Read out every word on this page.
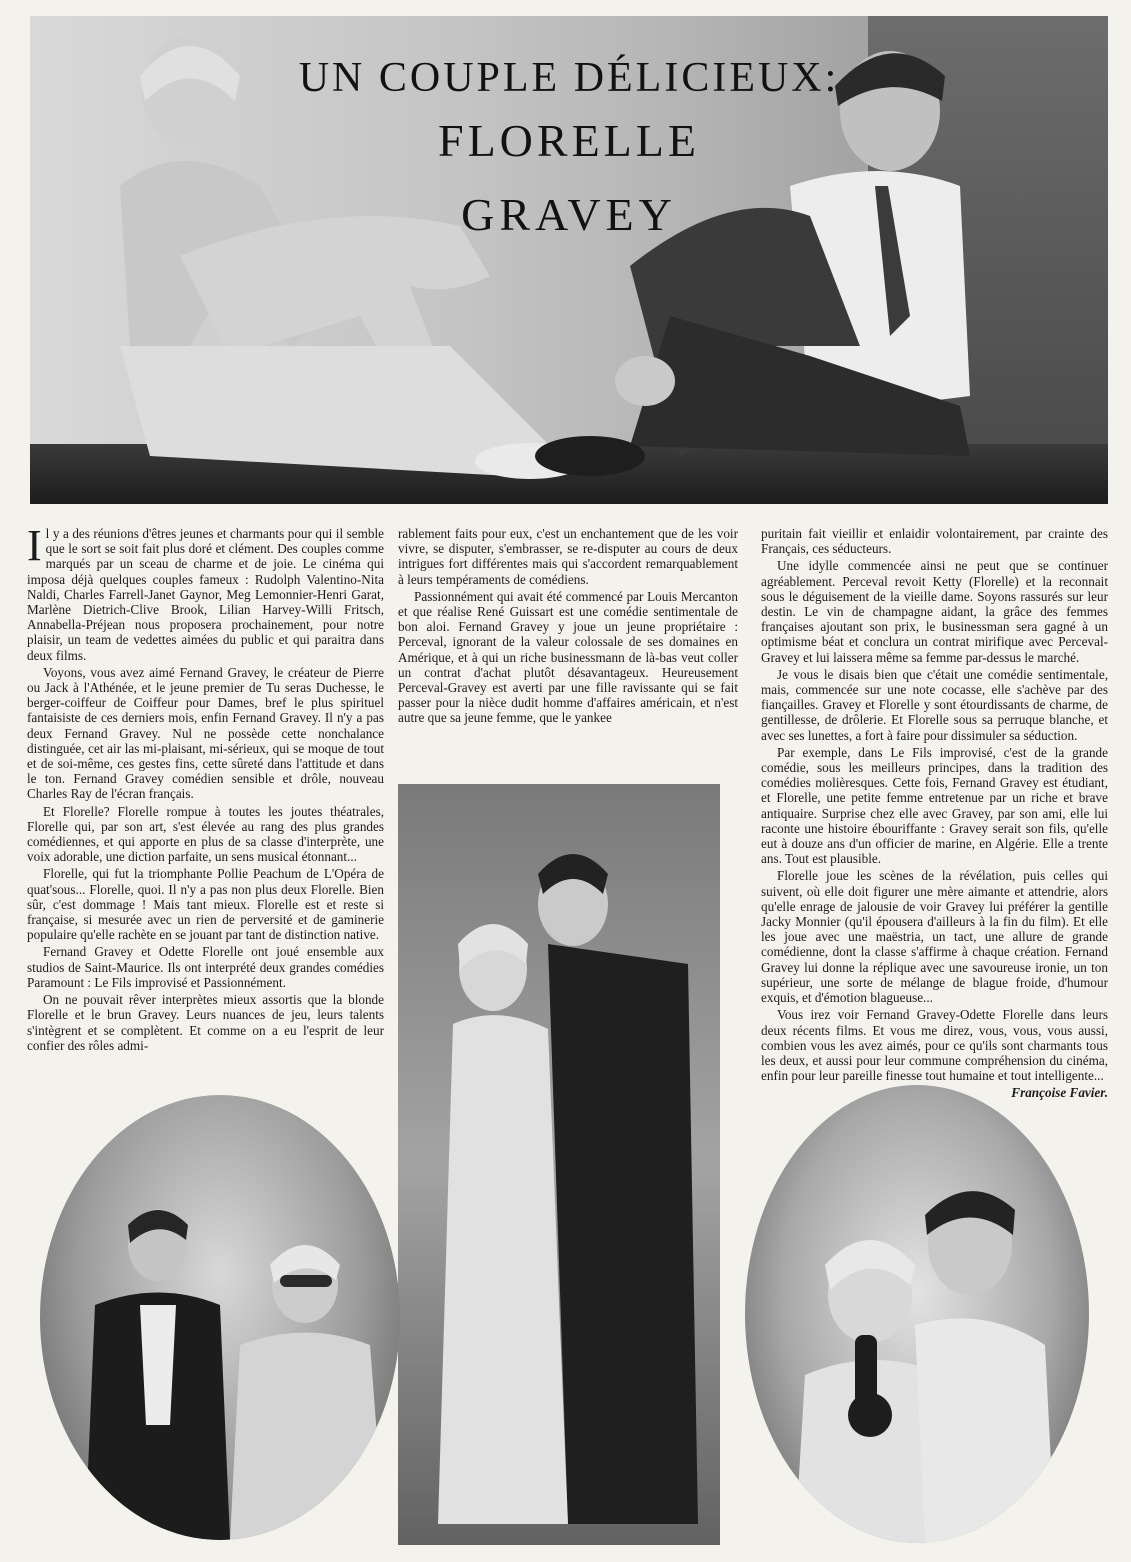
UN COUPLE DÉLICIEUX:
FLORELLE
GRAVEY

Il y a des réunions d'êtres jeunes et charmants pour qui il semble que le sort se soit fait plus doré et clément. Des couples comme marqués par un sceau de charme et de joie. Le cinéma qui imposa déjà quelques couples fameux : Rudolph Valentino-Nita Naldi, Charles Farrell-Janet Gaynor, Meg Lemonnier-Henri Garat, Marlène Dietrich-Clive Brook, Lilian Harvey-Willi Fritsch, Annabella-Préjean nous proposera prochainement, pour notre plaisir, un team de vedettes aimées du public et qui paraitra dans deux films.

Voyons, vous avez aimé Fernand Gravey, le créateur de Pierre ou Jack à l'Athénée, et le jeune premier de Tu seras Duchesse, le berger-coiffeur de Coiffeur pour Dames, bref le plus spirituel fantaisiste de ces derniers mois, enfin Fernand Gravey. Il n'y a pas deux Fernand Gravey. Nul ne possède cette nonchalance distinguée, cet air las mi-plaisant, mi-sérieux, qui se moque de tout et de soi-même, ces gestes fins, cette sûreté dans l'attitude et dans le ton. Fernand Gravey comédien sensible et drôle, nouveau Charles Ray de l'écran français.

Et Florelle? Florelle rompue à toutes les joutes théatrales, Florelle qui, par son art, s'est élevée au rang des plus grandes comédiennes, et qui apporte en plus de sa classe d'interprète, une voix adorable, une diction parfaite, un sens musical étonnant...

Florelle, qui fut la triomphante Pollie Peachum de L'Opéra de quat'sous... Florelle, quoi. Il n'y a pas non plus deux Florelle. Bien sûr, c'est dommage ! Mais tant mieux. Florelle est et reste si française, si mesurée avec un rien de perversité et de gaminerie populaire qu'elle rachète en se jouant par tant de distinction native.

Fernand Gravey et Odette Florelle ont joué ensemble aux studios de Saint-Maurice. Ils ont interprété deux grandes comédies Paramount : Le Fils improvisé et Passionnément.

On ne pouvait rêver interprètes mieux assortis que la blonde Florelle et le brun Gravey. Leurs nuances de jeu, leurs talents s'intègrent et se complètent. Et comme on a eu l'esprit de leur confier des rôles admi-

rablement faits pour eux, c'est un enchantement que de les voir vivre, se disputer, s'embrasser, se re-disputer au cours de deux intrigues fort différentes mais qui s'accordent remarquablement à leurs tempéraments de comédiens.

Passionnément qui avait été commencé par Louis Mercanton et que réalise René Guissart est une comédie sentimentale de bon aloi. Fernand Gravey y joue un jeune propriétaire : Perceval, ignorant de la valeur colossale de ses domaines en Amérique, et à qui un riche businessmann de là-bas veut coller un contrat d'achat plutôt désavantageux. Heureusement Perceval-Gravey est averti par une fille ravissante qui se fait passer pour la nièce dudit homme d'affaires américain, et n'est autre que sa jeune femme, que le yankee

puritain fait vieillir et enlaidir volontairement, par crainte des Français, ces séducteurs.

Une idylle commencée ainsi ne peut que se continuer agréablement. Perceval revoit Ketty (Florelle) et la reconnait sous le déguisement de la vieille dame. Soyons rassurés sur leur destin. Le vin de champagne aidant, la grâce des femmes françaises ajoutant son prix, le businessman sera gagné à un optimisme béat et conclura un contrat mirifique avec Perceval-Gravey et lui laissera même sa femme par-dessus le marché.

Je vous le disais bien que c'était une comédie sentimentale, mais, commencée sur une note cocasse, elle s'achève par des fiançailles. Gravey et Florelle y sont étourdissants de charme, de gentillesse, de drôlerie. Et Florelle sous sa perruque blanche, et avec ses lunettes, a fort à faire pour dissimuler sa séduction.

Par exemple, dans Le Fils improvisé, c'est de la grande comédie, sous les meilleurs principes, dans la tradition des comédies molièresques. Cette fois, Fernand Gravey est étudiant, et Florelle, une petite femme entretenue par un riche et brave antiquaire. Surprise chez elle avec Gravey, par son ami, elle lui raconte une histoire ébouriffante : Gravey serait son fils, qu'elle eut à douze ans d'un officier de marine, en Algérie. Elle a trente ans. Tout est plausible.

Florelle joue les scènes de la révélation, puis celles qui suivent, où elle doit figurer une mère aimante et attendrie, alors qu'elle enrage de jalousie de voir Gravey lui préférer la gentille Jacky Monnier (qu'il épousera d'ailleurs à la fin du film). Et elle les joue avec une maëstria, un tact, une allure de grande comédienne, dont la classe s'affirme à chaque création. Fernand Gravey lui donne la réplique avec une savoureuse ironie, un ton supérieur, une sorte de mélange de blague froide, d'humour exquis, et d'émotion blagueuse...

Vous irez voir Fernand Gravey-Odette Florelle dans leurs deux récents films. Et vous me direz, vous, vous, vous aussi, combien vous les avez aimés, pour ce qu'ils sont charmants tous les deux, et aussi pour leur commune compréhension du cinéma, enfin pour leur pareille finesse tout humaine et tout intelligente...

Françoise Favier.
